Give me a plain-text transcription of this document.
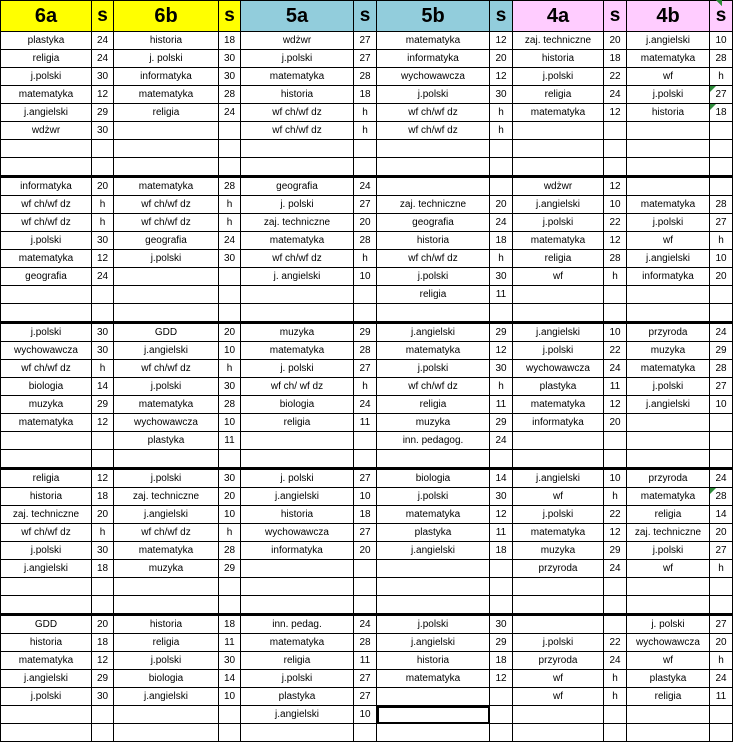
6a	s	6b	s	5a	s	5b	s	4a	s	4b	s
plastyka	24	historia	18	wdżwr	27	matematyka	12	zaj. techniczne	20	j.angielski	10
religia	24	j. polski	30	j.polski	27	informatyka	20	historia	18	matematyka	28
j.polski	30	informatyka	30	matematyka	28	wychowawcza	12	j.polski	22	wf	h
matematyka	12	matematyka	28	historia	18	j.polski	30	religia	24	j.polski	27
j.angielski	29	religia	24	wf ch/wf dz	h	wf ch/wf dz	h	matematyka	12	historia	18
wdżwr	30			wf ch/wf dz	h	wf ch/wf dz	h				

informatyka	20	matematyka	28	geografia	24			wdżwr	12		
wf ch/wf dz	h	wf ch/wf dz	h	j. polski	27	zaj. techniczne	20	j.angielski	10	matematyka	28
wf ch/wf dz	h	wf ch/wf dz	h	zaj. techniczne	20	geografia	24	j.polski	22	j.polski	27
j.polski	30	geografia	24	matematyka	28	historia	18	matematyka	12	wf	h
matematyka	12	j.polski	30	wf ch/wf dz	h	wf ch/wf dz	h	religia	28	j.angielski	10
geografia	24			j. angielski	10	j.polski	30	wf	h	informatyka	20
						religia	11				

j.polski	30	GDD	20	muzyka	29	j.angielski	29	j.angielski	10	przyroda	24
wychowawcza	30	j.angielski	10	matematyka	28	matematyka	12	j.polski	22	muzyka	29
wf ch/wf dz	h	wf ch/wf dz	h	j. polski	27	j.polski	30	wychowawcza	24	matematyka	28
biologia	14	j.polski	30	wf ch/ wf dz	h	wf ch/wf dz	h	plastyka	11	j.polski	27
muzyka	29	matematyka	28	biologia	24	religia	11	matematyka	12	j.angielski	10
matematyka	12	wychowawcza	10	religia	11	muzyka	29	informatyka	20		
		plastyka	11			inn. pedagog.	24				

religia	12	j.polski	30	j. polski	27	biologia	14	j.angielski	10	przyroda	24
historia	18	zaj. techniczne	20	j.angielski	10	j.polski	30	wf	h	matematyka	28
zaj. techniczne	20	j.angielski	10	historia	18	matematyka	12	j.polski	22	religia	14
wf ch/wf dz	h	wf ch/wf dz	h	wychowawcza	27	plastyka	11	matematyka	12	zaj. techniczne	20
j.polski	30	matematyka	28	informatyka	20	j.angielski	18	muzyka	29	j.polski	27
j.angielski	18	muzyka	29					przyroda	24	wf	h

GDD	20	historia	18	inn. pedag.	24	j.polski	30			j. polski	27
historia	18	religia	11	matematyka	28	j.angielski	29	j.polski	22	wychowawcza	20
matematyka	12	j.polski	30	religia	11	historia	18	przyroda	24	wf	h
j.angielski	29	biologia	14	j.polski	27	matematyka	12	wf	h	plastyka	24
j.polski	30	j.angielski	10	plastyka	27			wf	h	religia	11
				j.angielski	10						
